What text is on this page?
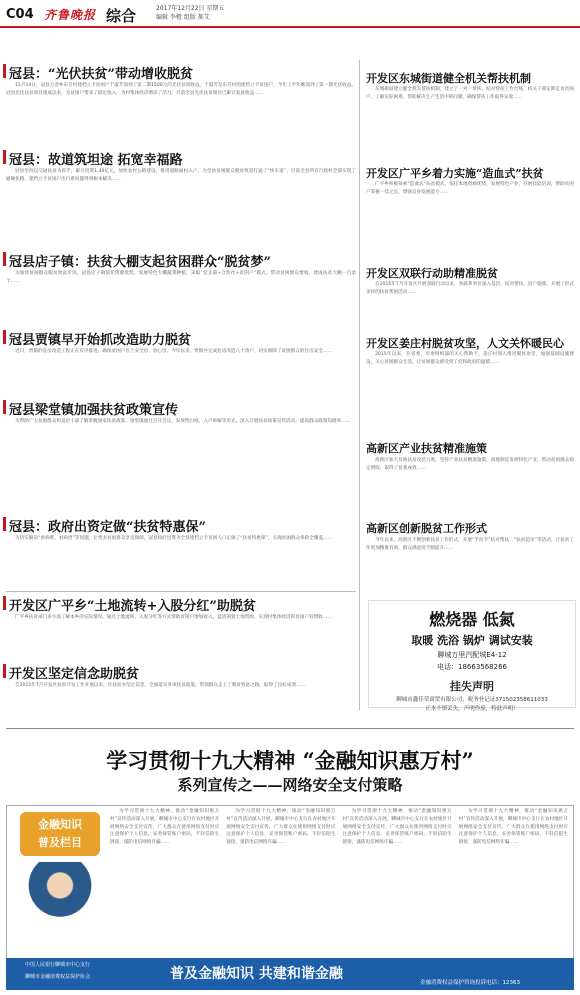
C04 齐鲁晚报 综合	2017年12月22日 星期五
编辑 李橙 组版 郝艾
冠县：“光伏扶贫”带动增收脱贫

11月14日，冠县万善乡东召村建档立卡贫困户于淑芳领到了第二期1500元的光伏扶贫收益。于淑芳是东召村的建档立卡贫困户，今年上半年她领到了第一期光伏收益。冠县光伏扶贫项目建成以来，为贫困户带来了稳定收入，为村集体经济增添了活力。目前全县光伏扶贫项目已累计发放收益……

冠县：故道筑坦途 拓宽幸福路

冠县坚持以交通扶贫为抓手，累计投资1.44亿元，加快农村公路建设，推进道路通村入户，为全县贫困群众脱贫致富打通了“快车道”。目前全县所有行政村全部实现了通硬化路，建档立卡贫困户出行难问题得到根本解决……

冠县店子镇：扶贫大棚支起贫困群众“脱贫梦”

为加快贫困群众脱贫致富步伐，冠县店子镇依托资源优势，发展特色大棚蔬菜种植，采取“党支部+合作社+贫困户”模式，带动贫困群众增收，建成扶贫大棚一百余个……

冠县贾镇早开始抓改造助力脱贫

近日，贾镇的危房改造工程正在有序推进，确保贫困户住上安全房、放心房。今年以来，贾镇共完成危房改造八十余户，切实保障了贫困群众的住房安全……

冠县梁堂镇加强扶贫政策宣传

为帮助广大贫困群众和基层干部了解掌握国家扶贫政策，梁堂镇通过召开会议、发放明白纸、入户讲解等形式，深入开展扶贫政策宣传活动，提高群众政策知晓率……

冠县：政府出资定做“扶贫特惠保”

为切实解决“看病难、看病贵”等问题，让更多贫困群众享受保障，冠县政府出资为全县建档立卡贫困人口定做了“扶贫特惠保”，实现贫困群众保险全覆盖……

开发区广平乡“土地流转+入股分红”助脱贫

广平乡扶贫部门多方面了解本乡的实际情况，通过土地流转、入股分红等方式帮助贫困户增加收入，盘活闲置土地资源，实现村集体经济和贫困户双增收……

开发区坚定信念助脱贫

自2015年7月开发区扶贫开发工作开展以来，区扶贫办坚定信念，全面落实各项扶贫政策，带领群众走上了脱贫致富之路，取得了良好成效……

开发区东城街道健全机关帮扶机制

东城街道建立健全机关帮扶机制，建立了一对一帮扶、结对帮扶工作台账，机关干部定期走访贫困户，了解实际困难，帮助解决生产生活中的问题，确保帮扶工作取得实效……

开发区广平乡着力实施“造血式”扶贫

广平乡积极探索“造血式”扶贫模式，依托本地资源优势，发展特色产业，开展技能培训，帮助贫困户掌握一技之长，增强自身发展能力……

开发区双联行动助精准脱贫

自2015年7月开发区开展双联行动以来，各联系单位深入基层，结对帮扶，因户施策，开展了形式多样的扶贫帮困活动……

开发区姜庄村脱贫攻坚，人文关怀暖民心

2015年以来，在省委、市委组织部的关心帮助下，姜庄村深入推进脱贫攻坚，加强基础设施建设，关心贫困群众生活，让贫困群众感受到了党和政府的温暖……

高新区产业扶贫精准施策

高新区加大贫困扶贫攻坚力度，坚持产业扶贫精准施策，因地制宜发展特色产业，带动贫困群众稳定增收，取得了显著成效……

高新区创新脱贫工作形式

今年以来，高新区不断创新扶贫工作形式，开展“手拉手”结对帮扶、“扶贫超市”等活动，让扶贫工作更加精准有效，群众满意度不断提升……

燃烧器 低氮
取暖 洗浴 锅炉 调试安装
聊城万里汽配城E4-12
电话：18663568266
挂失声明
聊城市鑫佳荣商贸有限公司，税务登记证371502358611033
正本不慎丢失，声明作废，特此声明！
学习贯彻十九大精神 “金融知识惠万村”
系列宣传之——网络安全支付策略
金融知识
普及栏目

为学习贯彻十九大精神，推动“金融知识惠万村”宣传活动深入开展，聊城市中心支行在农村地区开展网络安全支付宣传。广大群众在使用网络支付时应注意保护个人信息，妥善保管账户密码，不轻信陌生链接，谨防电信网络诈骗……

为学习贯彻十九大精神，推动“金融知识惠万村”宣传活动深入开展，聊城市中心支行在农村地区开展网络安全支付宣传。广大群众在使用网络支付时应注意保护个人信息，妥善保管账户密码，不轻信陌生链接，谨防电信网络诈骗……

为学习贯彻十九大精神，推动“金融知识惠万村”宣传活动深入开展，聊城市中心支行在农村地区开展网络安全支付宣传。广大群众在使用网络支付时应注意保护个人信息，妥善保管账户密码，不轻信陌生链接，谨防电信网络诈骗……

为学习贯彻十九大精神，推动“金融知识惠万村”宣传活动深入开展，聊城市中心支行在农村地区开展网络安全支付宣传。广大群众在使用网络支付时应注意保护个人信息，妥善保管账户密码，不轻信陌生链接，谨防电信网络诈骗……

中国人民银行聊城市中心支行
普及金融知识 共建和谐金融
聊城市金融消费权益保护协会
金融消费权益保护咨询投诉电话：12363
